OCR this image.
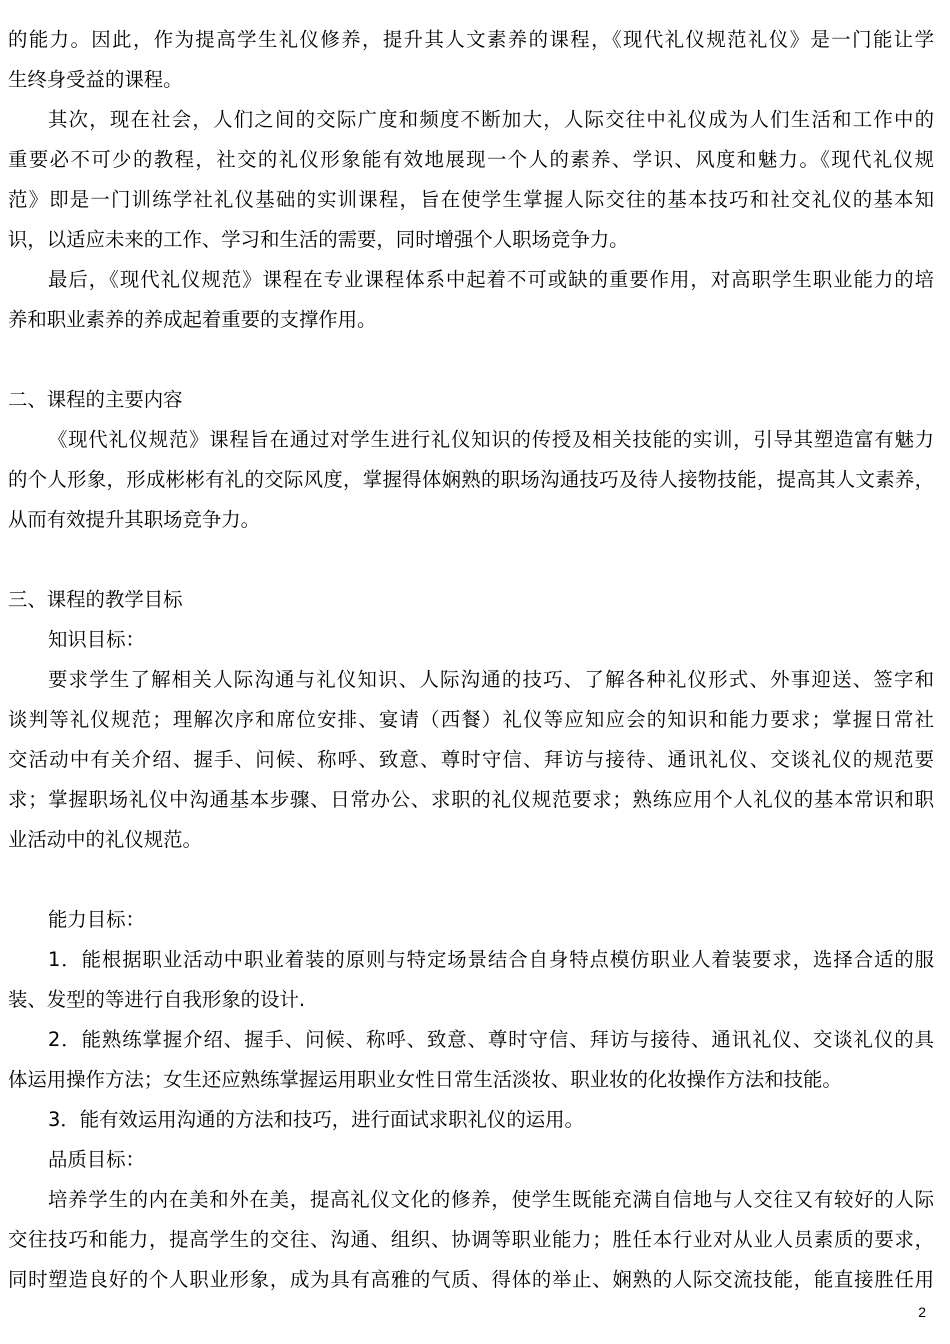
的能力。因此，作为提高学生礼仪修养，提升其人文素养的课程，《现代礼仪规范礼仪》是一门能让学
生终身受益的课程。
其次，现在社会，人们之间的交际广度和频度不断加大，人际交往中礼仪成为人们生活和工作中的
重要必不可少的教程，社交的礼仪形象能有效地展现一个人的素养、学识、风度和魅力。《现代礼仪规
范》即是一门训练学社礼仪基础的实训课程，旨在使学生掌握人际交往的基本技巧和社交礼仪的基本知
识，以适应未来的工作、学习和生活的需要，同时增强个人职场竞争力。
最后，《现代礼仪规范》课程在专业课程体系中起着不可或缺的重要作用，对高职学生职业能力的培
养和职业素养的养成起着重要的支撑作用。
二、课程的主要内容
《现代礼仪规范》课程旨在通过对学生进行礼仪知识的传授及相关技能的实训，引导其塑造富有魅力
的个人形象，形成彬彬有礼的交际风度，掌握得体娴熟的职场沟通技巧及待人接物技能，提高其人文素养，
从而有效提升其职场竞争力。
三、课程的教学目标
知识目标：
要求学生了解相关人际沟通与礼仪知识、人际沟通的技巧、了解各种礼仪形式、外事迎送、签字和
谈判等礼仪规范；理解次序和席位安排、宴请（西餐）礼仪等应知应会的知识和能力要求；掌握日常社
交活动中有关介绍、握手、问候、称呼、致意、尊时守信、拜访与接待、通讯礼仪、交谈礼仪的规范要
求；掌握职场礼仪中沟通基本步骤、日常办公、求职的礼仪规范要求；熟练应用个人礼仪的基本常识和职
业活动中的礼仪规范。
能力目标：
1．能根据职业活动中职业着装的原则与特定场景结合自身特点模仿职业人着装要求，选择合适的服
装、发型的等进行自我形象的设计.
2．能熟练掌握介绍、握手、问候、称呼、致意、尊时守信、拜访与接待、通讯礼仪、交谈礼仪的具
体运用操作方法；女生还应熟练掌握运用职业女性日常生活淡妆、职业妆的化妆操作方法和技能。
3．能有效运用沟通的方法和技巧，进行面试求职礼仪的运用。
品质目标：
培养学生的内在美和外在美，提高礼仪文化的修养，使学生既能充满自信地与人交往又有较好的人际
交往技巧和能力，提高学生的交往、沟通、组织、协调等职业能力；胜任本行业对从业人员素质的要求，
同时塑造良好的个人职业形象，成为具有高雅的气质、得体的举止、娴熟的人际交流技能，能直接胜任用
2
